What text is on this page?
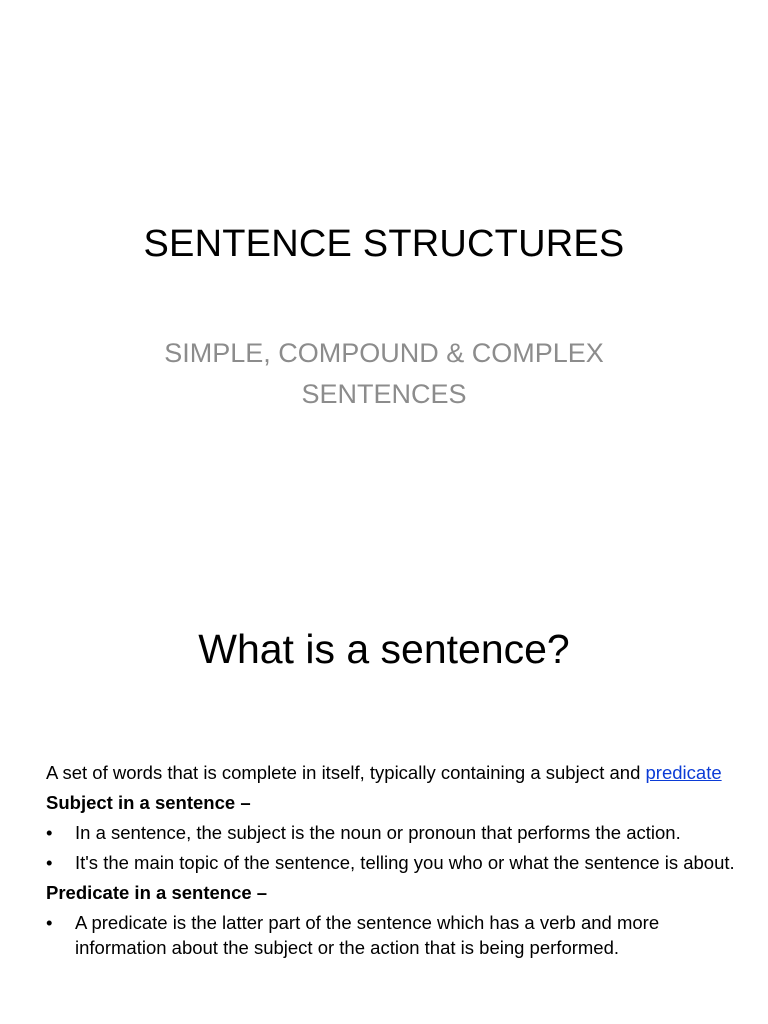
SENTENCE STRUCTURES
SIMPLE, COMPOUND & COMPLEX
SENTENCES
What is a sentence?

A set of words that is complete in itself, typically containing a subject and predicate

Subject in a sentence –

• In a sentence, the subject is the noun or pronoun that performs the action.
• It's the main topic of the sentence, telling you who or what the sentence is about.

Predicate in a sentence –

• A predicate is the latter part of the sentence which has a verb and more information about the subject or the action that is being performed.
